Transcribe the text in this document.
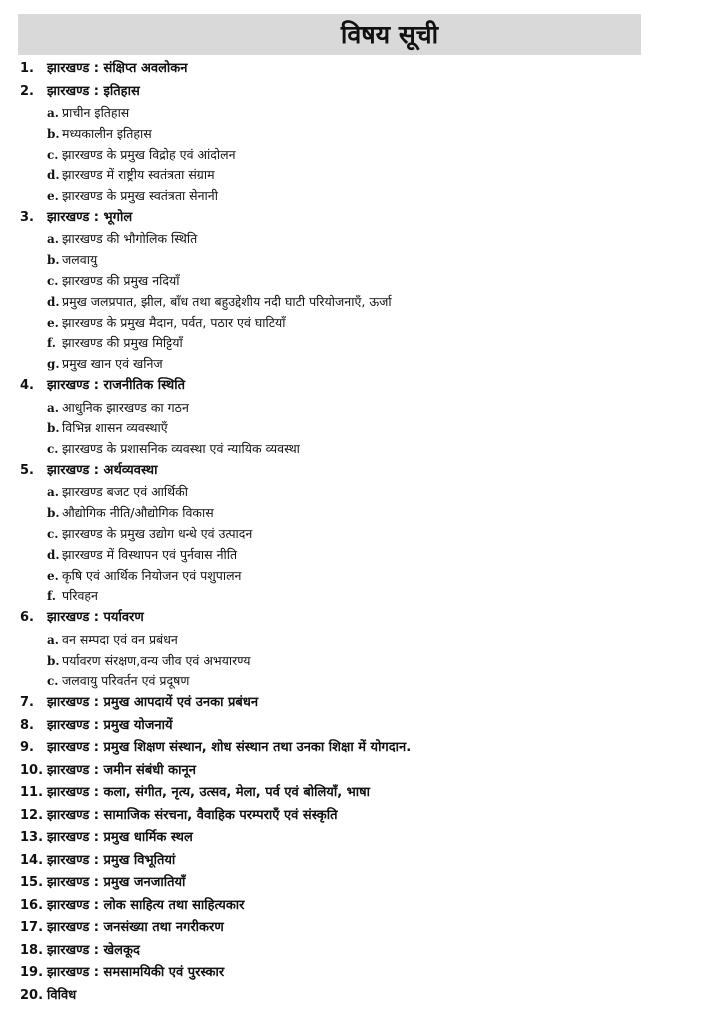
विषय सूची
1. झारखण्ड : संक्षिप्त अवलोकन
2. झारखण्ड : इतिहास
a. प्राचीन इतिहास
b. मध्यकालीन इतिहास
c. झारखण्ड के प्रमुख विद्रोह एवं आंदोलन
d. झारखण्ड में राष्ट्रीय स्वतंत्रता संग्राम
e. झारखण्ड के प्रमुख स्वतंत्रता सेनानी
3. झारखण्ड : भूगोल
a. झारखण्ड की भौगोलिक स्थिति
b. जलवायु
c. झारखण्ड की प्रमुख नदियाँ
d. प्रमुख जलप्रपात, झील, बाँध तथा बहुउद्देशीय नदी घाटी परियोजनाएँ, ऊर्जा
e. झारखण्ड के प्रमुख मैदान, पर्वत, पठार एवं घाटियाँ
f. झारखण्ड की प्रमुख मिट्टियाँ
g. प्रमुख खान एवं खनिज
4. झारखण्ड : राजनीतिक स्थिति
a. आधुनिक झारखण्ड का गठन
b. विभिन्न शासन व्यवस्थाएँ
c. झारखण्ड के प्रशासनिक व्यवस्था एवं न्यायिक व्यवस्था
5. झारखण्ड : अर्थव्यवस्था
a. झारखण्ड बजट एवं आर्थिकी
b. औद्योगिक नीति/औद्योगिक विकास
c. झारखण्ड के प्रमुख उद्योग धन्धे एवं उत्पादन
d. झारखण्ड में विस्थापन एवं पुर्नवास नीति
e. कृषि एवं आर्थिक नियोजन एवं पशुपालन
f. परिवहन
6. झारखण्ड : पर्यावरण
a. वन सम्पदा एवं वन प्रबंधन
b. पर्यावरण संरक्षण,वन्य जीव एवं अभयारण्य
c. जलवायु परिवर्तन एवं प्रदूषण
7. झारखण्ड : प्रमुख आपदायें एवं उनका प्रबंधन
8. झारखण्ड : प्रमुख योजनायें
9. झारखण्ड : प्रमुख शिक्षण संस्थान, शोध संस्थान तथा उनका शिक्षा में योगदान.
10. झारखण्ड : जमीन संबंधी कानून
11. झारखण्ड : कला, संगीत, नृत्य, उत्सव, मेला, पर्व एवं बोलियाँ, भाषा
12. झारखण्ड : सामाजिक संरचना, वैवाहिक परम्पराएँ एवं संस्कृति
13. झारखण्ड : प्रमुख धार्मिक स्थल
14. झारखण्ड : प्रमुख विभूतियां
15. झारखण्ड : प्रमुख जनजातियाँ
16. झारखण्ड : लोक साहित्य तथा साहित्यकार
17. झारखण्ड : जनसंख्या तथा नगरीकरण
18. झारखण्ड : खेलकूद
19. झारखण्ड : समसामयिकी एवं पुरस्कार
20. विविध
